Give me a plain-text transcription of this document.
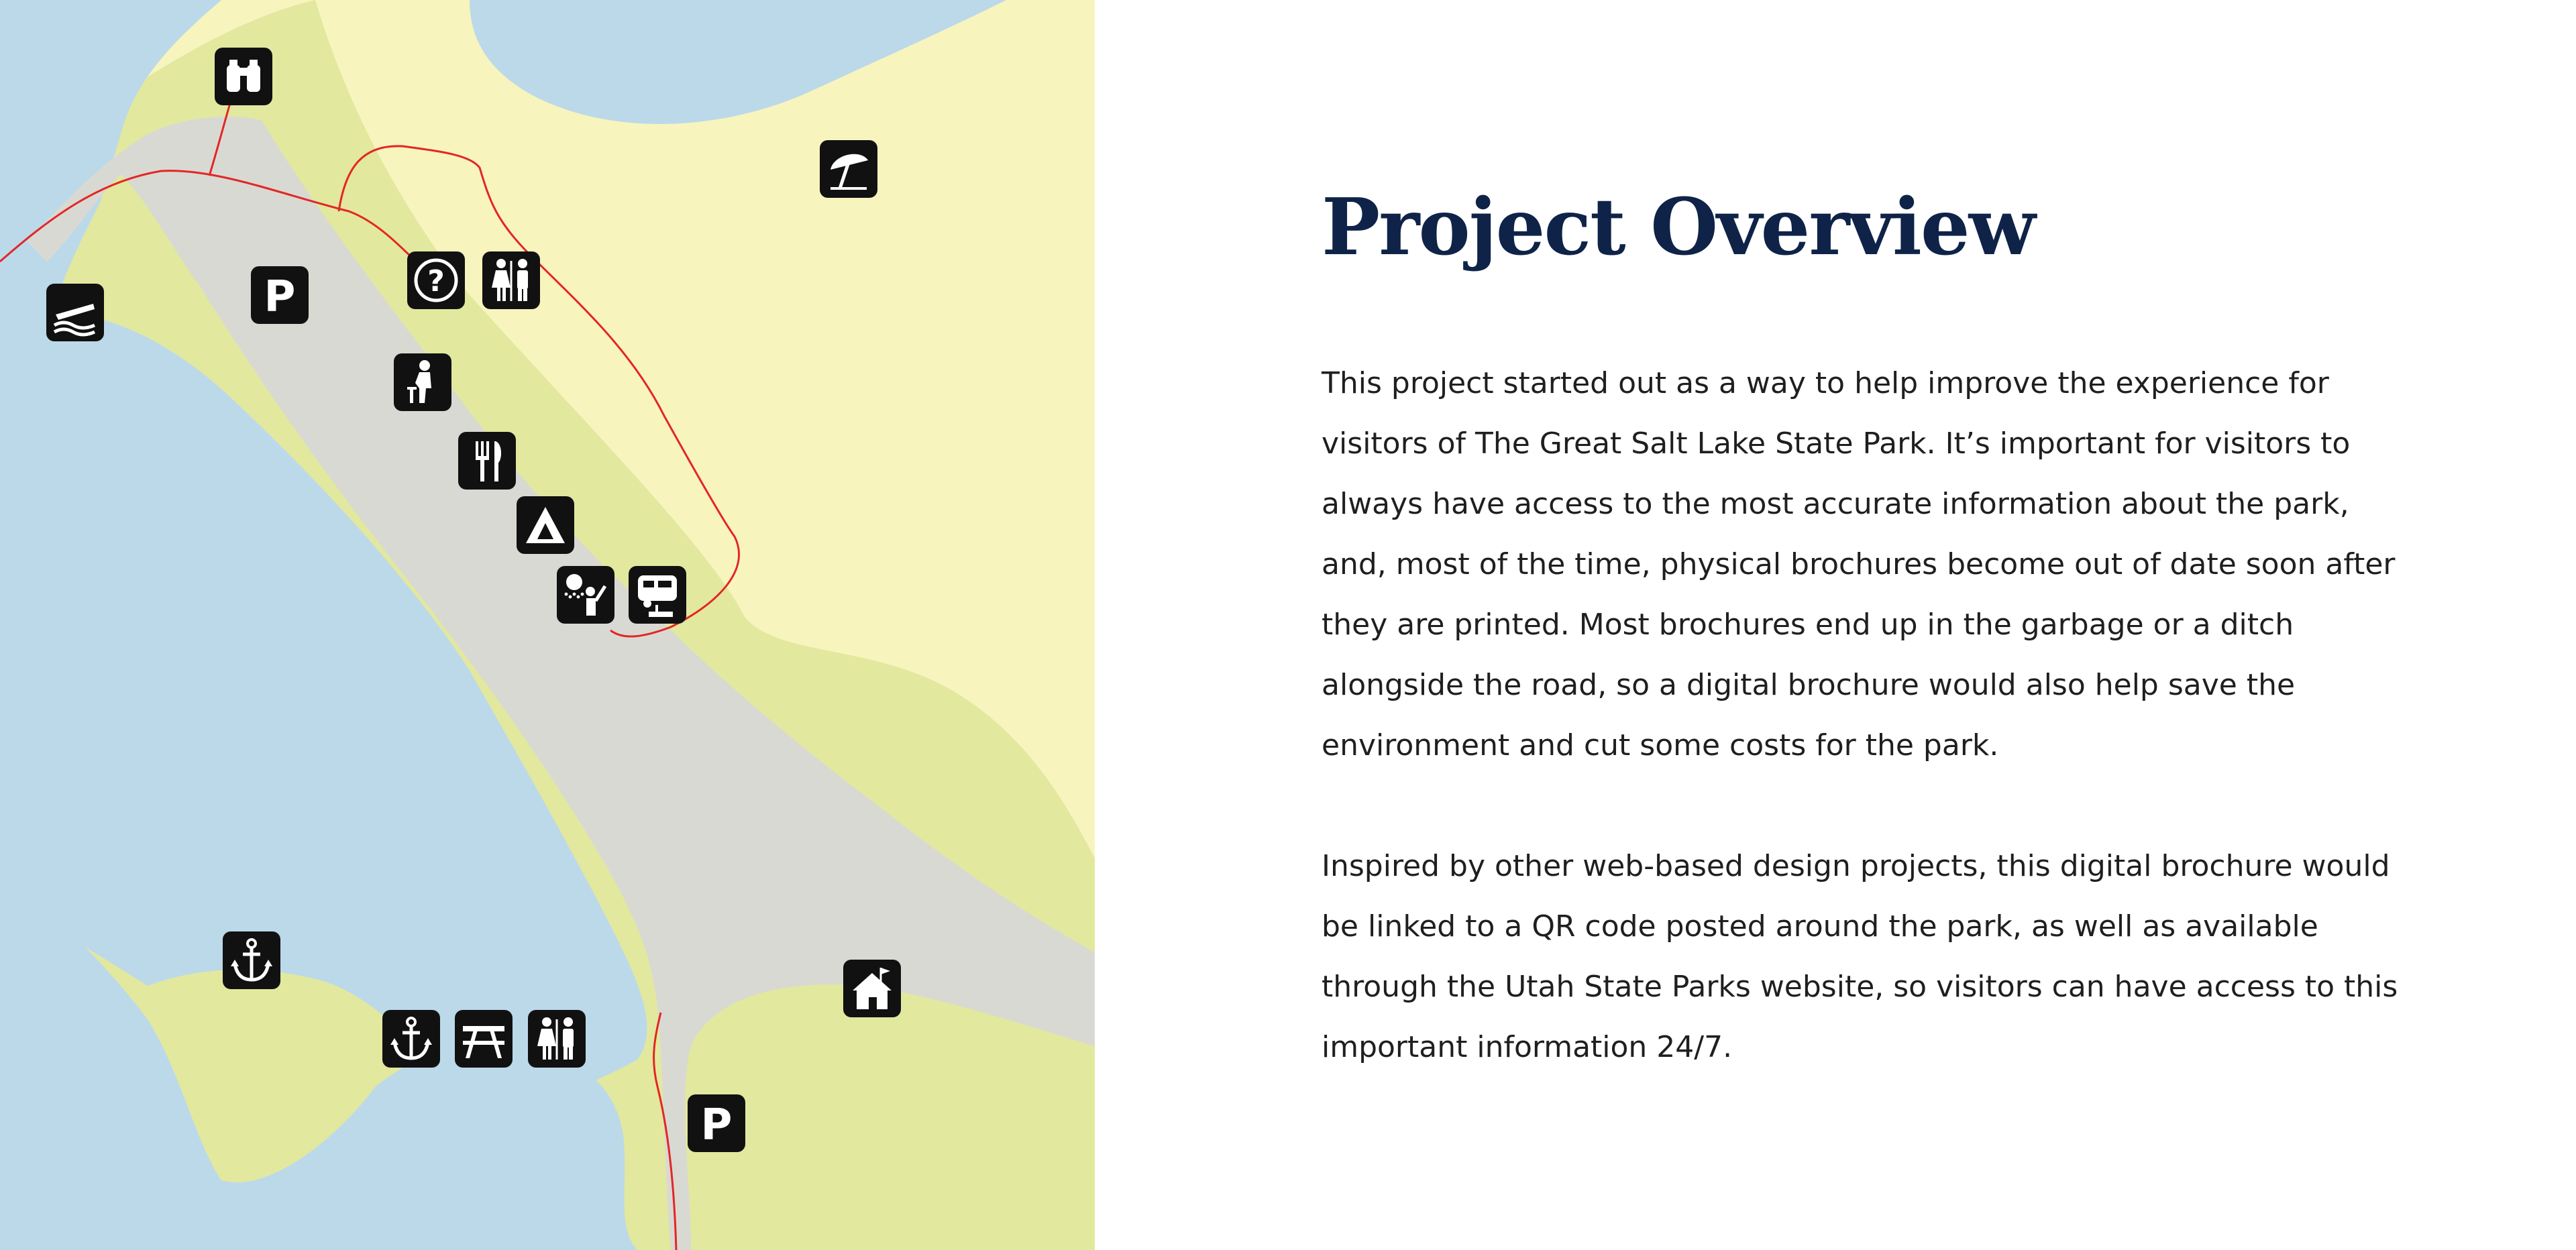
P	?
P
Project Overview

This project started out as a way to help improve the experience for visitors of The Great Salt Lake State Park. It’s important for visitors to always have access to the most accurate information about the park, and, most of the time, physical brochures become out of date soon after they are printed. Most brochures end up in the garbage or a ditch alongside the road, so a digital brochure would also help save the environment and cut some costs for the park.

Inspired by other web-based design projects, this digital brochure would be linked to a QR code posted around the park, as well as available through the Utah State Parks website, so visitors can have access to this important information 24/7.
